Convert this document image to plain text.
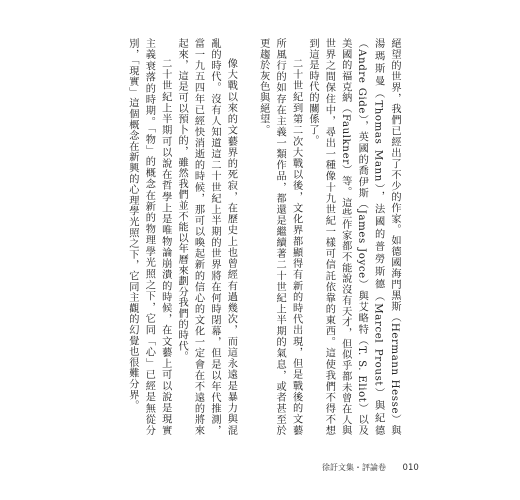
絕望的世界，我們已經出了不少的作家。如德國海門黑斯（Hermann Hesse）與湯瑪斯曼（Thomas Mann），法國的普勞斯德（Marcel Proust）與紀德（Andre Gide），英國的喬伊斯（James Joyce）與艾略特（T. S. Eliot）以及美國的福克納（Faulkner）等。這些作家都不能說沒有天才，但似乎都未曾在人與世界之間保住中，尋出一種像十九世紀一樣可信託依靠的東西。這使我們不得不想到這是時代的關係了。

二十世紀到第二次大戰以後，文化界都顯得有新的時代出現，但是戰後的文藝所風行的如存在主義一類作品，都還是繼續著二十世紀上半期的氣息，或者甚至於更趨於灰色與絕望。

像大戰以來的文藝界的死寂，在歷史上也曾經有過幾次，而這永遠是暴力與混亂的時代。沒有人知道這二十世紀上半期的世界將在何時閉幕，但是以年代推測，當一九五四年已經快消逝的時候，那可以喚起新的信心的文化一定會在不遠的將來起來，這是可以預卜的，雖然我們並不能以年曆來劃分我們的時代。

二十世紀上半期可以說在哲學上是唯物論崩潰的時候，在文藝上可以說是現實主義衰落的時期。「物」的概念在新的物理學光照之下，它同「心」已經是無從分別，「現實」這個概念在新興的心理學光照之下，它同主觀的幻覺也很難分界。

徐訏文集・評論卷 010
